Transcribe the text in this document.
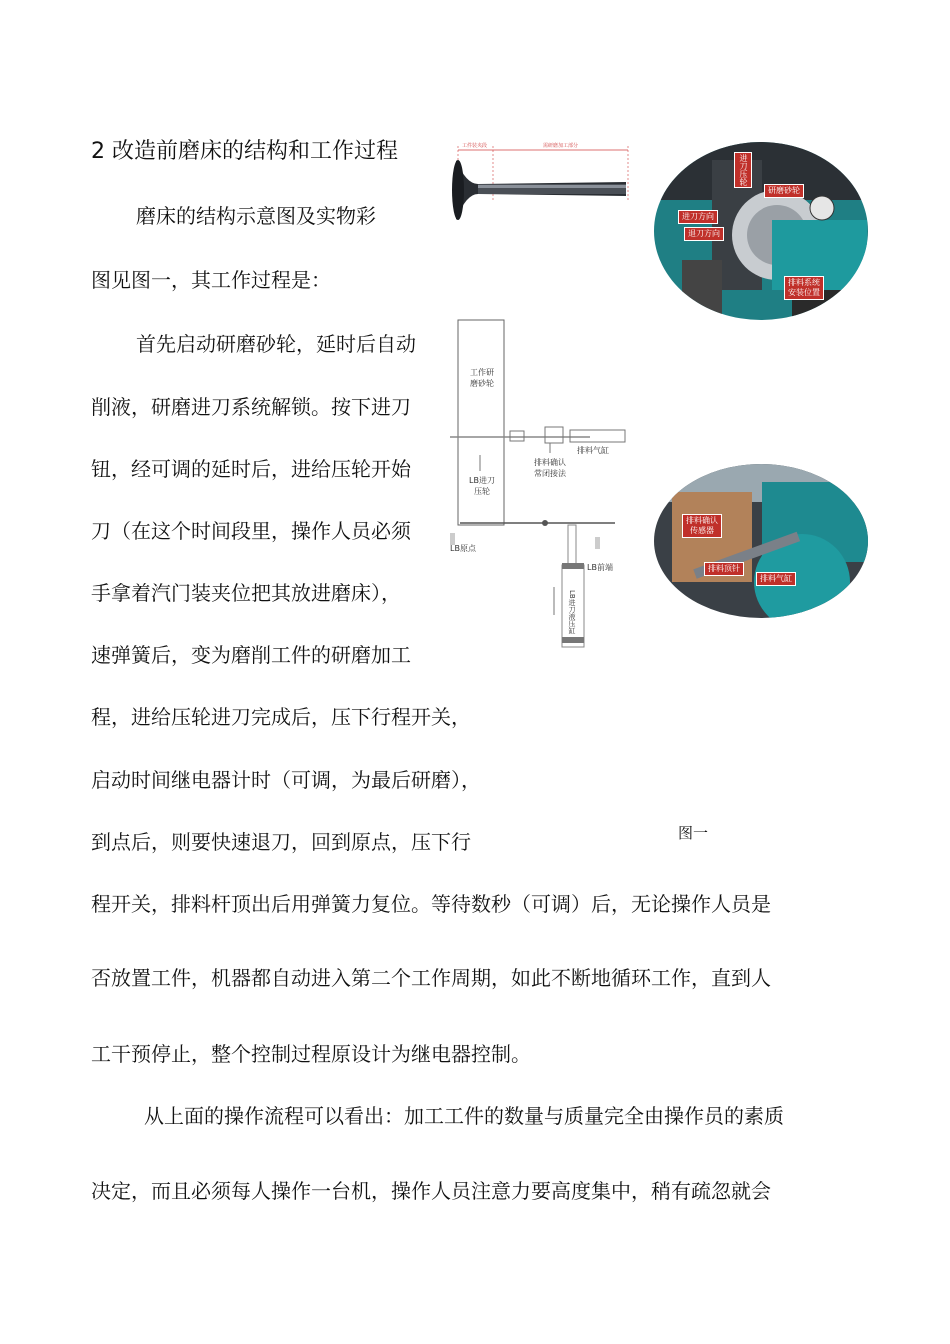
2 改造前磨床的结构和工作过程
磨床的结构示意图及实物彩
图见图一，其工作过程是：
首先启动研磨砂轮，延时后自动
削液，研磨进刀系统解锁。按下进刀
钮，经可调的延时后，进给压轮开始
刀（在这个时间段里，操作人员必须
手拿着汽门装夹位把其放进磨床），
速弹簧后，变为磨削工件的研磨加工
程，进给压轮进刀完成后，压下行程开关，
启动时间继电器计时（可调，为最后研磨），
到点后，则要快速退刀，回到原点，压下行
程开关，排料杆顶出后用弹簧力复位。等待数秒（可调）后，无论操作人员是
否放置工件，机器都自动进入第二个工作周期，如此不断地循环工作，直到人
工干预停止，整个控制过程原设计为继电器控制。
从上面的操作流程可以看出：加工工件的数量与质量完全由操作员的素质
决定，而且必须每人操作一台机，操作人员注意力要高度集中，稍有疏忽就会
图一
工件装夹段	需研磨加工部分
工作研
磨砂轮
LB进刀
压轮
LB原点
LB前端
排料气缸
排料确认
常闭接法
LB进刀液压缸
进刀压轮
研磨砂轮
进刀方向
退刀方向
排料系统
安装位置
排料确认
传感器
排料顶针
排料气缸
